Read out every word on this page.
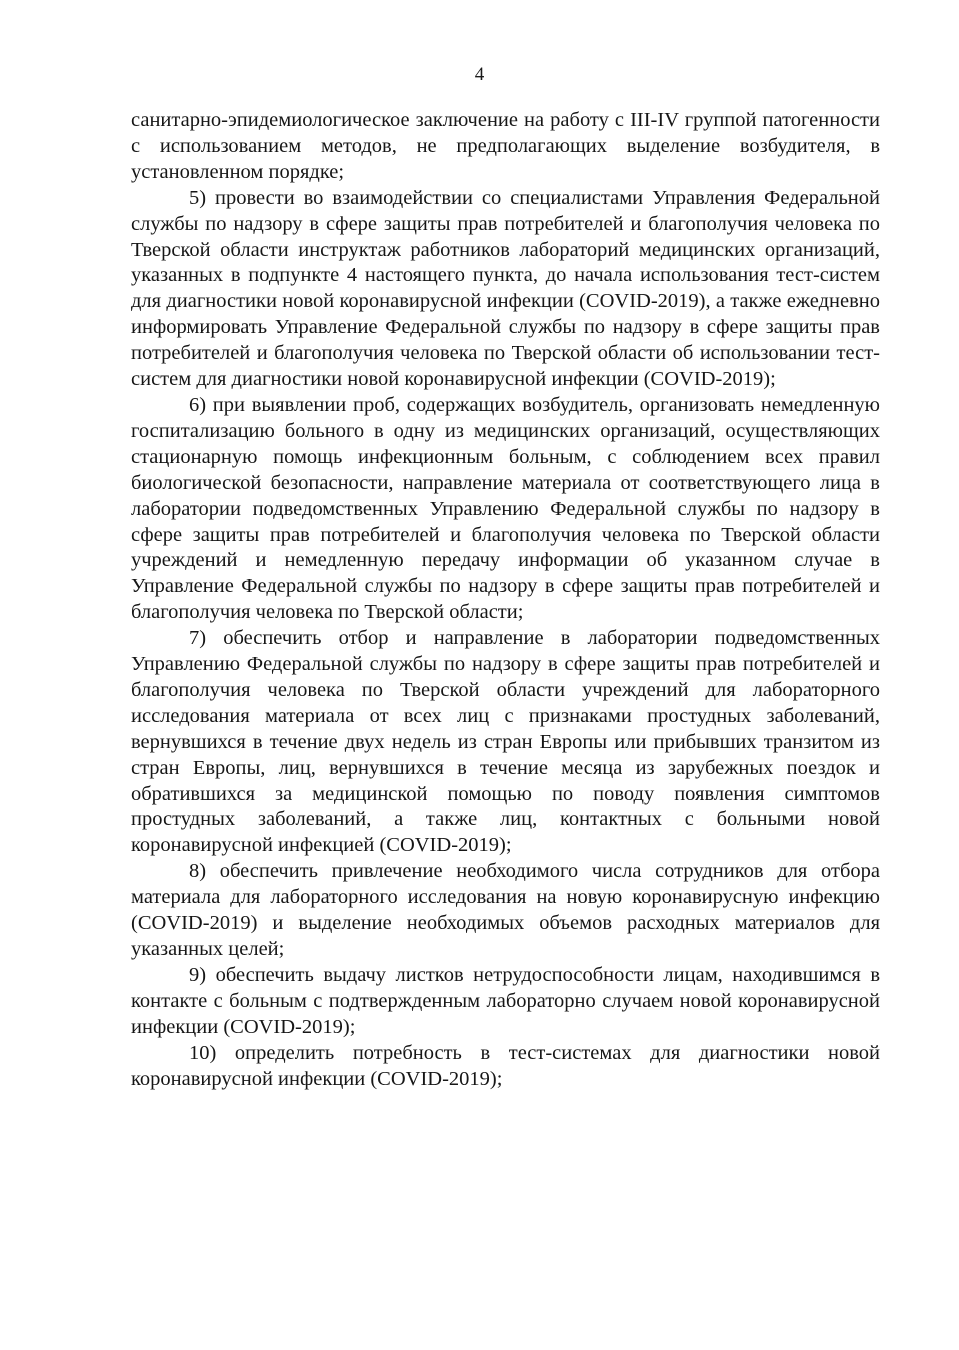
4

санитарно-эпидемиологическое заключение на работу с III-IV группой патогенности с использованием методов, не предполагающих выделение возбудителя, в установленном порядке;

5) провести во взаимодействии со специалистами Управления Федеральной службы по надзору в сфере защиты прав потребителей и благополучия человека по Тверской области инструктаж работников лабораторий медицинских организаций, указанных в подпункте 4 настоящего пункта, до начала использования тест-систем для диагностики новой коронавирусной инфекции (COVID-2019), а также ежедневно информировать Управление Федеральной службы по надзору в сфере защиты прав потребителей и благополучия человека по Тверской области об использовании тест-систем для диагностики новой коронавирусной инфекции (COVID-2019);

6) при выявлении проб, содержащих возбудитель, организовать немедленную госпитализацию больного в одну из медицинских организаций, осуществляющих стационарную помощь инфекционным больным, с соблюдением всех правил биологической безопасности, направление материала от соответствующего лица в лаборатории подведомственных Управлению Федеральной службы по надзору в сфере защиты прав потребителей и благополучия человека по Тверской области учреждений и немедленную передачу информации об указанном случае в Управление Федеральной службы по надзору в сфере защиты прав потребителей и благополучия человека по Тверской области;

7) обеспечить отбор и направление в лаборатории подведомственных Управлению Федеральной службы по надзору в сфере защиты прав потребителей и благополучия человека по Тверской области учреждений для лабораторного исследования материала от всех лиц с признаками простудных заболеваний, вернувшихся в течение двух недель из стран Европы или прибывших транзитом из стран Европы, лиц, вернувшихся в течение месяца из зарубежных поездок и обратившихся за медицинской помощью по поводу появления симптомов простудных заболеваний, а также лиц, контактных с больными новой коронавирусной инфекцией (COVID-2019);

8) обеспечить привлечение необходимого числа сотрудников для отбора материала для лабораторного исследования на новую коронавирусную инфекцию (COVID-2019) и выделение необходимых объемов расходных материалов для указанных целей;

9) обеспечить выдачу листков нетрудоспособности лицам, находившимся в контакте с больным с подтвержденным лабораторно случаем новой коронавирусной инфекции (COVID-2019);

10) определить потребность в тест-системах для диагностики новой коронавирусной инфекции (COVID-2019);
